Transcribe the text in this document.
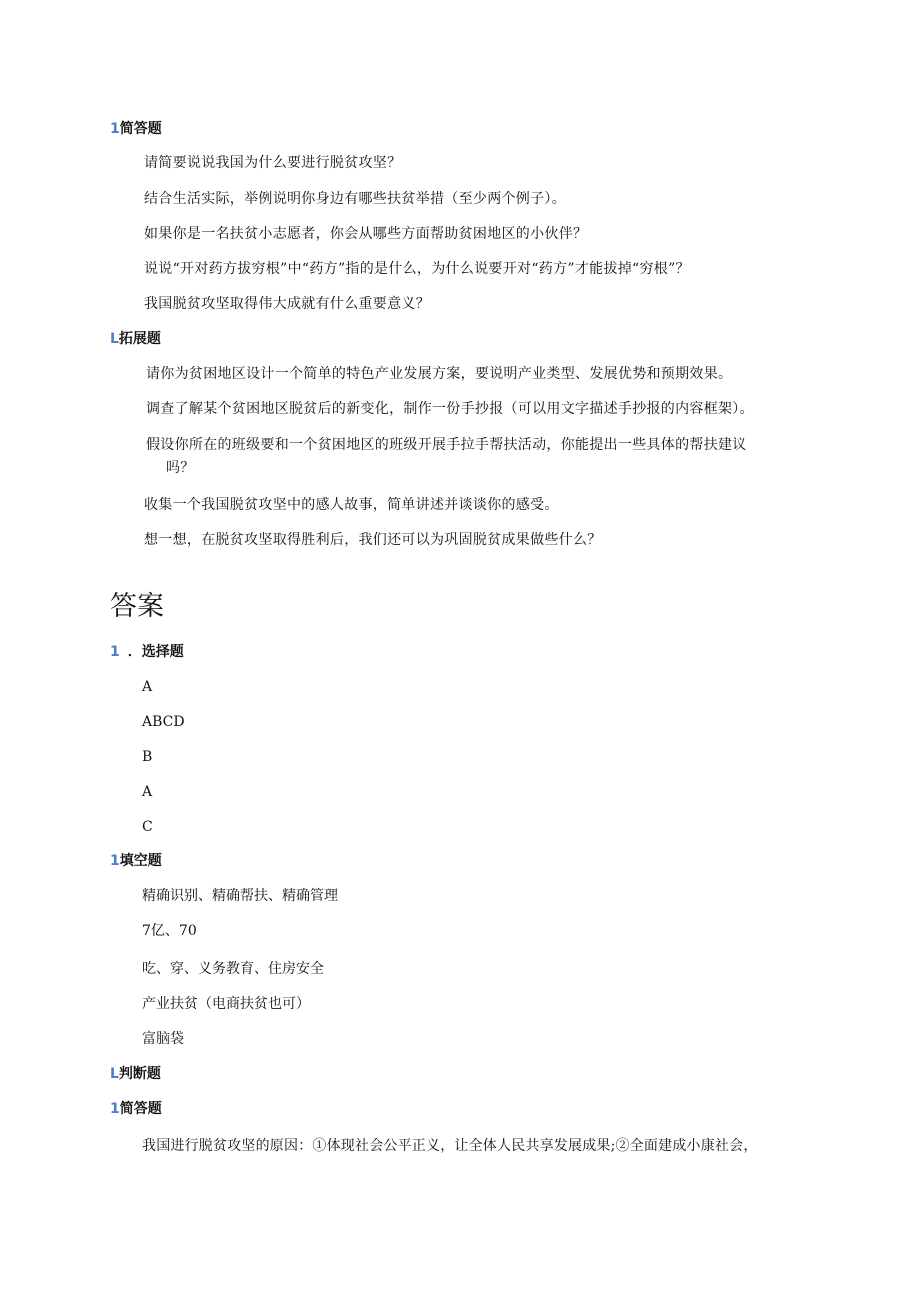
1简答题
请简要说说我国为什么要进行脱贫攻坚？
结合生活实际，举例说明你身边有哪些扶贫举措（至少两个例子）。
如果你是一名扶贫小志愿者，你会从哪些方面帮助贫困地区的小伙伴？
说说“开对药方拔穷根”中“药方”指的是什么，为什么说要开对“药方”才能拔掉“穷根”？
我国脱贫攻坚取得伟大成就有什么重要意义？
L拓展题
请你为贫困地区设计一个简单的特色产业发展方案，要说明产业类型、发展优势和预期效果。
调查了解某个贫困地区脱贫后的新变化，制作一份手抄报（可以用文字描述手抄报的内容框架）。
假设你所在的班级要和一个贫困地区的班级开展手拉手帮扶活动，你能提出一些具体的帮扶建议
吗？
收集一个我国脱贫攻坚中的感人故事，简单讲述并谈谈你的感受。
想一想，在脱贫攻坚取得胜利后，我们还可以为巩固脱贫成果做些什么？
答案
1 ．选择题
A
ABCD
B
A
C
1填空题
精确识别、精确帮扶、精确管理
7亿、70
吃、穿、义务教育、住房安全
产业扶贫（电商扶贫也可）
富脑袋
L判断题
1简答题
我国进行脱贫攻坚的原因：①体现社会公平正义，让全体人民共享发展成果;②全面建成小康社会，
